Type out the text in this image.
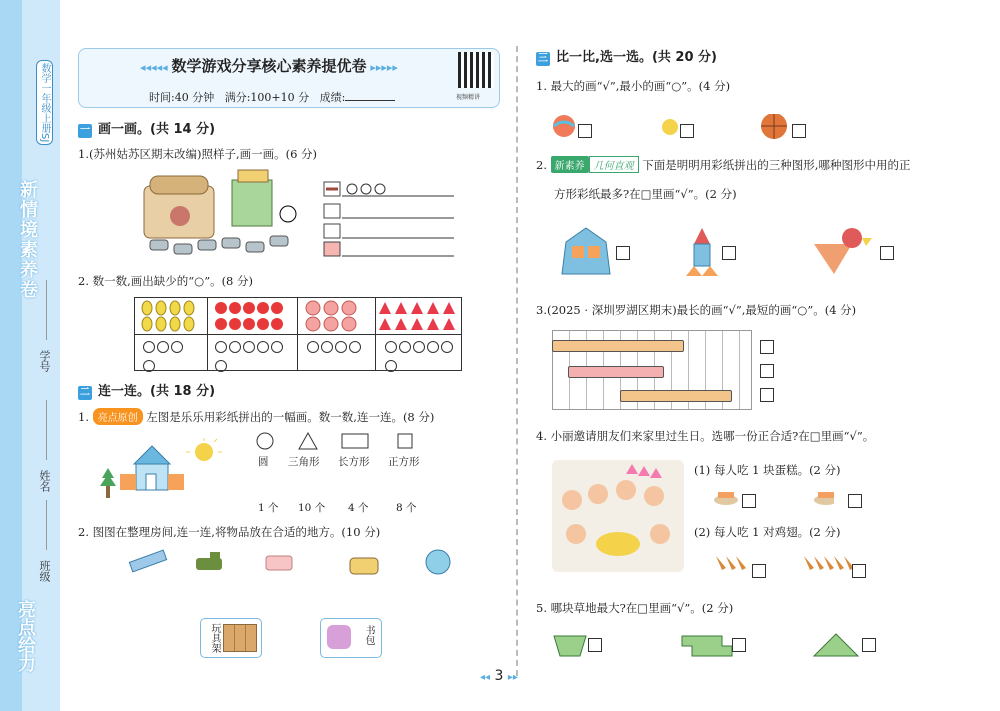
新情境素养卷
数学一年级上册SJ
学号
姓名
班级
亮点给力
◂◂◂◂◂ 数学游戏分享核心素养提优卷 ▸▸▸▸▸
时间:40 分钟 满分:100+10 分 成绩:	视频精讲
一 画一画。(共 14 分)
1.(苏州姑苏区期末改编)照样子,画一画。(6 分)
2. 数一数,画出缺少的“○”。(8 分)

二 连一连。(共 18 分)
1. 亮点原创 左图是乐乐用彩纸拼出的一幅画。数一数,连一连。(8 分)
圆 三角形 长方形 正方形
1 个 10 个 4 个	8 个
2. 图图在整理房间,连一连,将物品放在合适的地方。(10 分)
玩具架	书包
三 比一比,选一选。(共 20 分)
1. 最大的画“√”,最小的画“○”。(4 分)
2. 新素养 几何直观 下面是明明用彩纸拼出的三种图形,哪种图形中用的正
方形彩纸最多?在□里画“√”。(2 分)
3.(2025 · 深圳罗湖区期末)最长的画“√”,最短的画“○”。(4 分)
4. 小丽邀请朋友们来家里过生日。选哪一份正合适?在□里画“√”。
(1) 每人吃 1 块蛋糕。(2 分)
(2) 每人吃 1 对鸡翅。(2 分)
5. 哪块草地最大?在□里画“√”。(2 分)
◂◂ 3 ▸▸
